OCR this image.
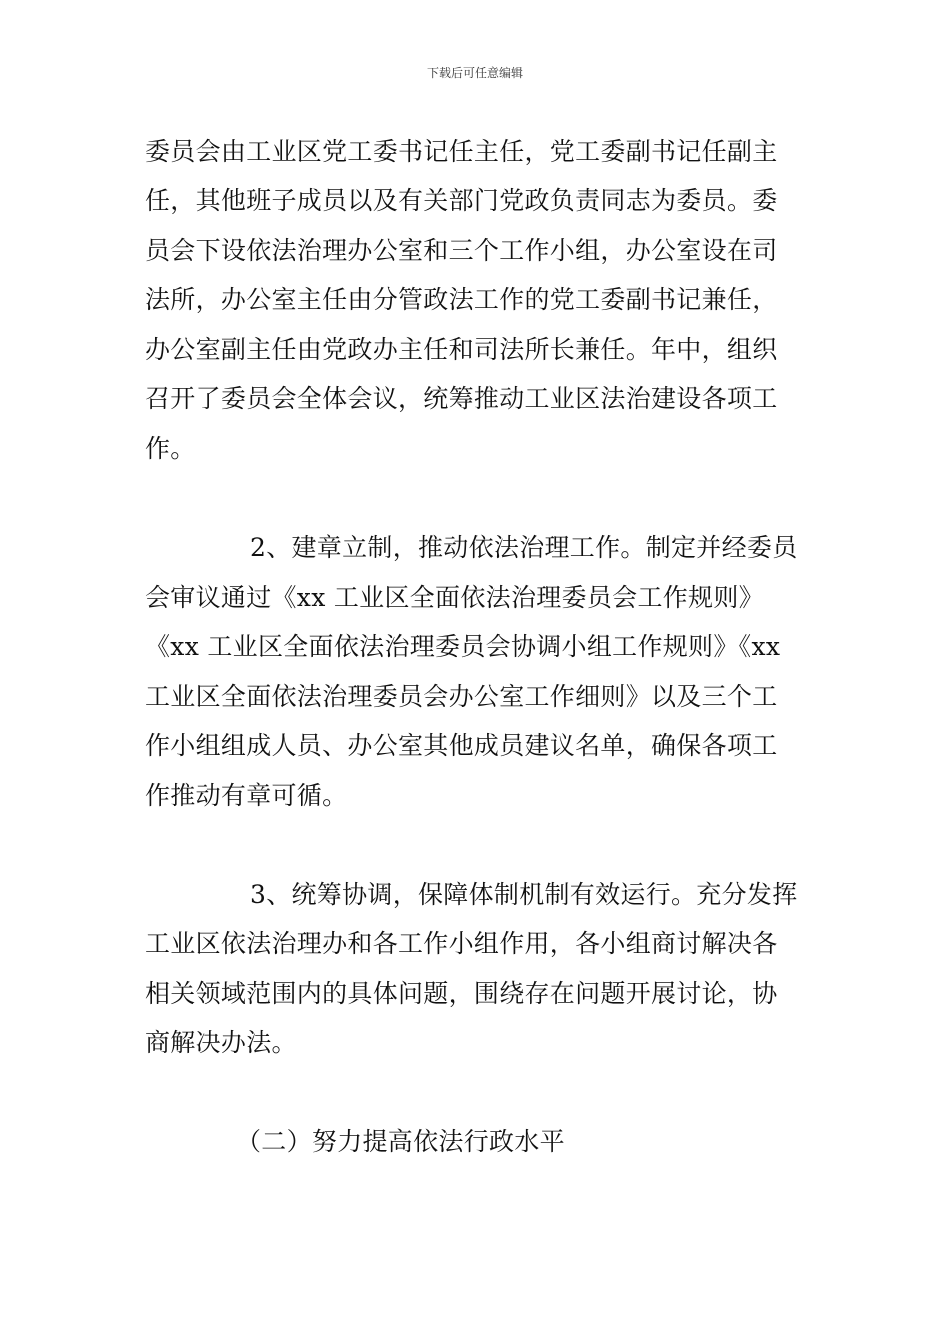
下载后可任意编辑
委员会由工业区党工委书记任主任，党工委副书记任副主
任，其他班子成员以及有关部门党政负责同志为委员。委
员会下设依法治理办公室和三个工作小组，办公室设在司
法所，办公室主任由分管政法工作的党工委副书记兼任，
办公室副主任由党政办主任和司法所长兼任。年中，组织
召开了委员会全体会议，统筹推动工业区法治建设各项工
作。
2、建章立制，推动依法治理工作。制定并经委员
会审议通过《xx 工业区全面依法治理委员会工作规则》
《xx 工业区全面依法治理委员会协调小组工作规则》《xx
工业区全面依法治理委员会办公室工作细则》以及三个工
作小组组成人员、办公室其他成员建议名单，确保各项工
作推动有章可循。
3、统筹协调，保障体制机制有效运行。充分发挥
工业区依法治理办和各工作小组作用，各小组商讨解决各
相关领域范围内的具体问题，围绕存在问题开展讨论，协
商解决办法。
（二）努力提高依法行政水平
